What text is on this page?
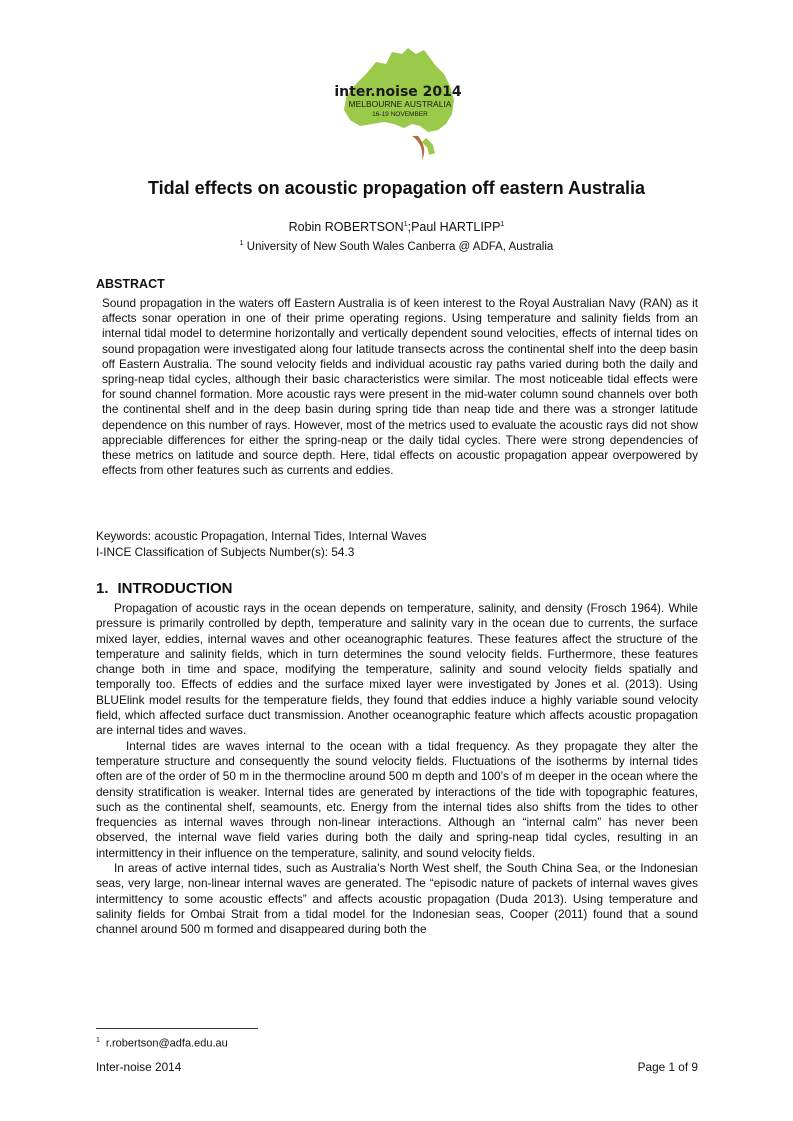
inter.noise 2014
MELBOURNE AUSTRALIA
16-19 NOVEMBER
Tidal effects on acoustic propagation off eastern Australia
Robin ROBERTSON$^1$;Paul HARTLIPP$^1$
$^1$ University of New South Wales Canberra @ ADFA, Australia
ABSTRACT
Sound propagation in the waters off Eastern Australia is of keen interest to the Royal Australian Navy (RAN) as it affects sonar operation in one of their prime operating regions. Using temperature and salinity fields from an internal tidal model to determine horizontally and vertically dependent sound velocities, effects of internal tides on sound propagation were investigated along four latitude transects across the continental shelf into the deep basin off Eastern Australia. The sound velocity fields and individual acoustic ray paths varied during both the daily and spring-neap tidal cycles, although their basic characteristics were similar. The most noticeable tidal effects were for sound channel formation. More acoustic rays were present in the mid-water column sound channels over both the continental shelf and in the deep basin during spring tide than neap tide and there was a stronger latitude dependence on this number of rays. However, most of the metrics used to evaluate the acoustic rays did not show appreciable differences for either the spring-neap or the daily tidal cycles. There were strong dependencies of these metrics on latitude and source depth. Here, tidal effects on acoustic propagation appear overpowered by effects from other features such as currents and eddies.
Keywords: acoustic Propagation, Internal Tides, Internal Waves
I-INCE Classification of Subjects Number(s): 54.3
1. INTRODUCTION

Propagation of acoustic rays in the ocean depends on temperature, salinity, and density (Frosch 1964). While pressure is primarily controlled by depth, temperature and salinity vary in the ocean due to currents, the surface mixed layer, eddies, internal waves and other oceanographic features. These features affect the structure of the temperature and salinity fields, which in turn determines the sound velocity fields. Furthermore, these features change both in time and space, modifying the temperature, salinity and sound velocity fields spatially and temporally too. Effects of eddies and the surface mixed layer were investigated by Jones et al. (2013). Using BLUElink model results for the temperature fields, they found that eddies induce a highly variable sound velocity field, which affected surface duct transmission. Another oceanographic feature which affects acoustic propagation are internal tides and waves.

Internal tides are waves internal to the ocean with a tidal frequency. As they propagate they alter the temperature structure and consequently the sound velocity fields. Fluctuations of the isotherms by internal tides often are of the order of 50 m in the thermocline around 500 m depth and 100’s of m deeper in the ocean where the density stratification is weaker. Internal tides are generated by interactions of the tide with topographic features, such as the continental shelf, seamounts, etc. Energy from the internal tides also shifts from the tides to other frequencies as internal waves through non-linear interactions. Although an “internal calm” has never been observed, the internal wave field varies during both the daily and spring-neap tidal cycles, resulting in an intermittency in their influence on the temperature, salinity, and sound velocity fields.

In areas of active internal tides, such as Australia’s North West shelf, the South China Sea, or the Indonesian seas, very large, non-linear internal waves are generated. The “episodic nature of packets of internal waves gives intermittency to some acoustic effects” and affects acoustic propagation (Duda 2013). Using temperature and salinity fields for Ombai Strait from a tidal model for the Indonesian seas, Cooper (2011) found that a sound channel around 500 m formed and disappeared during both the

$^1$ r.robertson@adfa.edu.au
Inter-noise 2014	Page 1 of 9
